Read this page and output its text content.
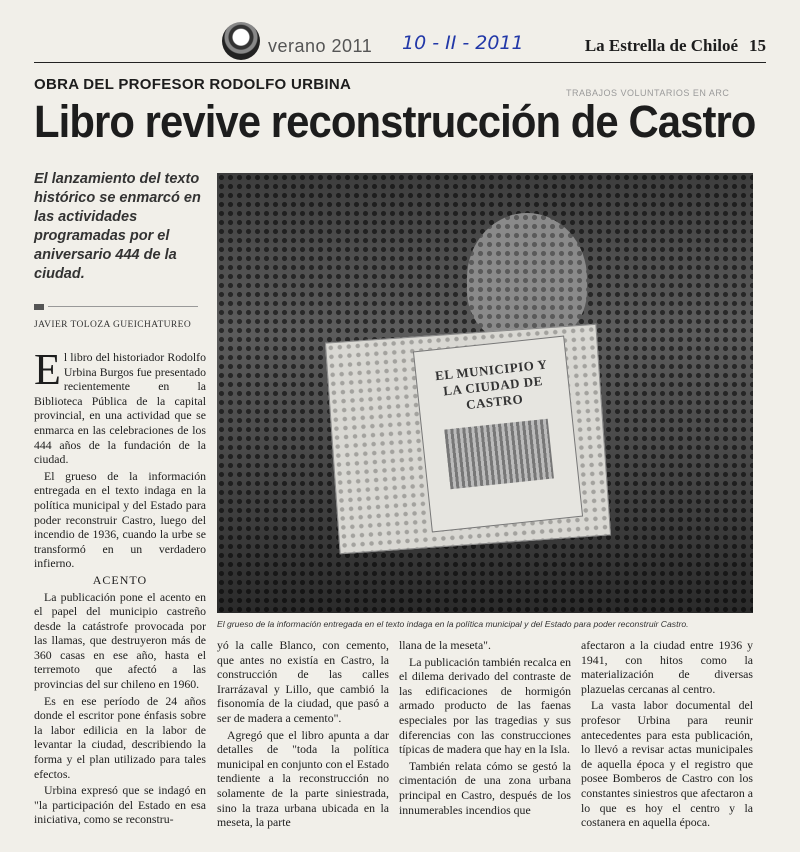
verano 2011 10 - II - 2011	La Estrella de Chiloé 15
TRABAJOS VOLUNTARIOS EN ARC
OBRA DEL PROFESOR RODOLFO URBINA
Libro revive reconstrucción de Castro
El lanzamiento del texto histórico se enmarcó en las actividades programadas por el aniversario 444 de la ciudad.
JAVIER TOLOZA GUEICHATUREO

El libro del historiador Rodolfo Urbina Burgos fue presentado recientemente en la Biblioteca Pública de la capital provincial, en una actividad que se enmarca en las celebraciones de los 444 años de la fundación de la ciudad.

El grueso de la información entregada en el texto indaga en la política municipal y del Estado para poder reconstruir Castro, luego del incendio de 1936, cuando la urbe se transformó en un verdadero infierno.

ACENTO

La publicación pone el acento en el papel del municipio castreño desde la catástrofe provocada por las llamas, que destruyeron más de 360 casas en ese año, hasta el terremoto que afectó a las provincias del sur chileno en 1960.

Es en ese período de 24 años donde el escritor pone énfasis sobre la labor edilicia en la labor de levantar la ciudad, describiendo la forma y el plan utilizado para tales efectos.

Urbina expresó que se indagó en "la participación del Estado en esa iniciativa, como se reconstru-

EL MUNICIPIO Y LA CIUDAD DE CASTRO
El grueso de la información entregada en el texto indaga en la política municipal y del Estado para poder reconstruir Castro.

yó la calle Blanco, con cemento, que antes no existía en Castro, la construcción de las calles Irarrázaval y Lillo, que cambió la fisonomía de la ciudad, que pasó a ser de madera a cemento".

Agregó que el libro apunta a dar detalles de "toda la política municipal en conjunto con el Estado tendiente a la reconstrucción no solamente de la parte siniestrada, sino la traza urbana ubicada en la meseta, la parte

llana de la meseta".

La publicación también recalca en el dilema derivado del contraste de las edificaciones de hormigón armado producto de las faenas especiales por las tragedias y sus diferencias con las construcciones típicas de madera que hay en la Isla.

También relata cómo se gestó la cimentación de una zona urbana principal en Castro, después de los innumerables incendios que

afectaron a la ciudad entre 1936 y 1941, con hitos como la materialización de diversas plazuelas cercanas al centro.

La vasta labor documental del profesor Urbina para reunir antecedentes para esta publicación, lo llevó a revisar actas municipales de aquella época y el registro que posee Bomberos de Castro con los constantes siniestros que afectaron a lo que es hoy el centro y la costanera en aquella época.
